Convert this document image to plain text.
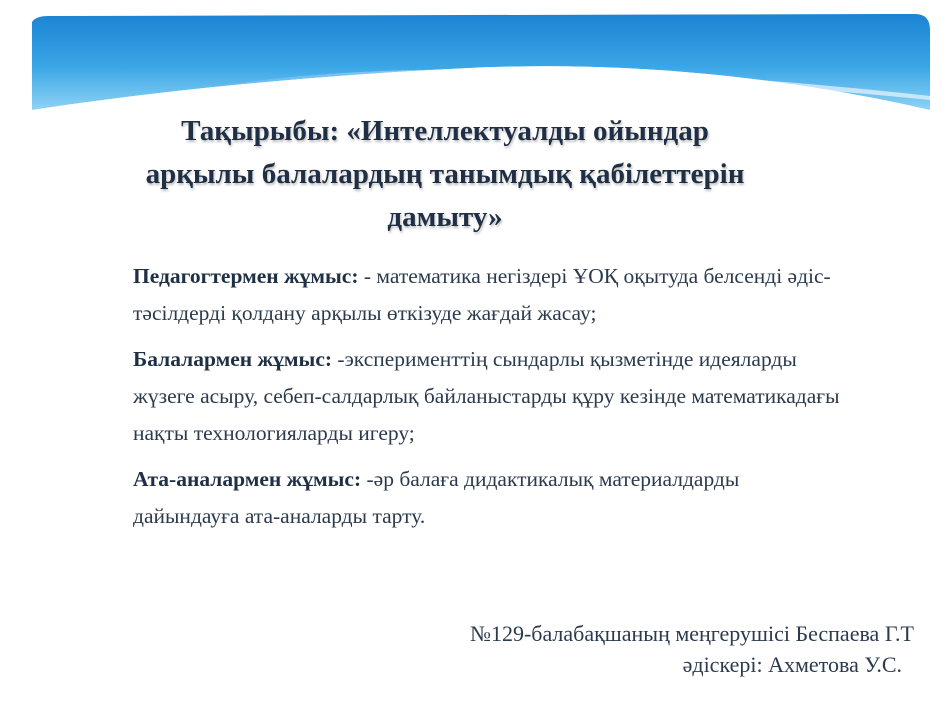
Тақырыбы: «Интеллектуалды ойындар
арқылы балалардың танымдық қабілеттерін
дамыту»

Педагогтермен жұмыс: - математика негіздері ҰОҚ оқытуда белсенді әдіс-тәсілдерді қолдану арқылы өткізуде жағдай жасау;

Балалармен жұмыс: -эксперименттің сындарлы қызметінде идеяларды жүзеге асыру, себеп-салдарлық байланыстарды құру кезінде математикадағы нақты технологияларды игеру;

Ата-аналармен жұмыс: -әр балаға дидактикалық материалдарды дайындауға ата-аналарды тарту.

№129-балабақшаның меңгерушісі Беспаева Г.Т
әдіскері: Ахметова У.С.
